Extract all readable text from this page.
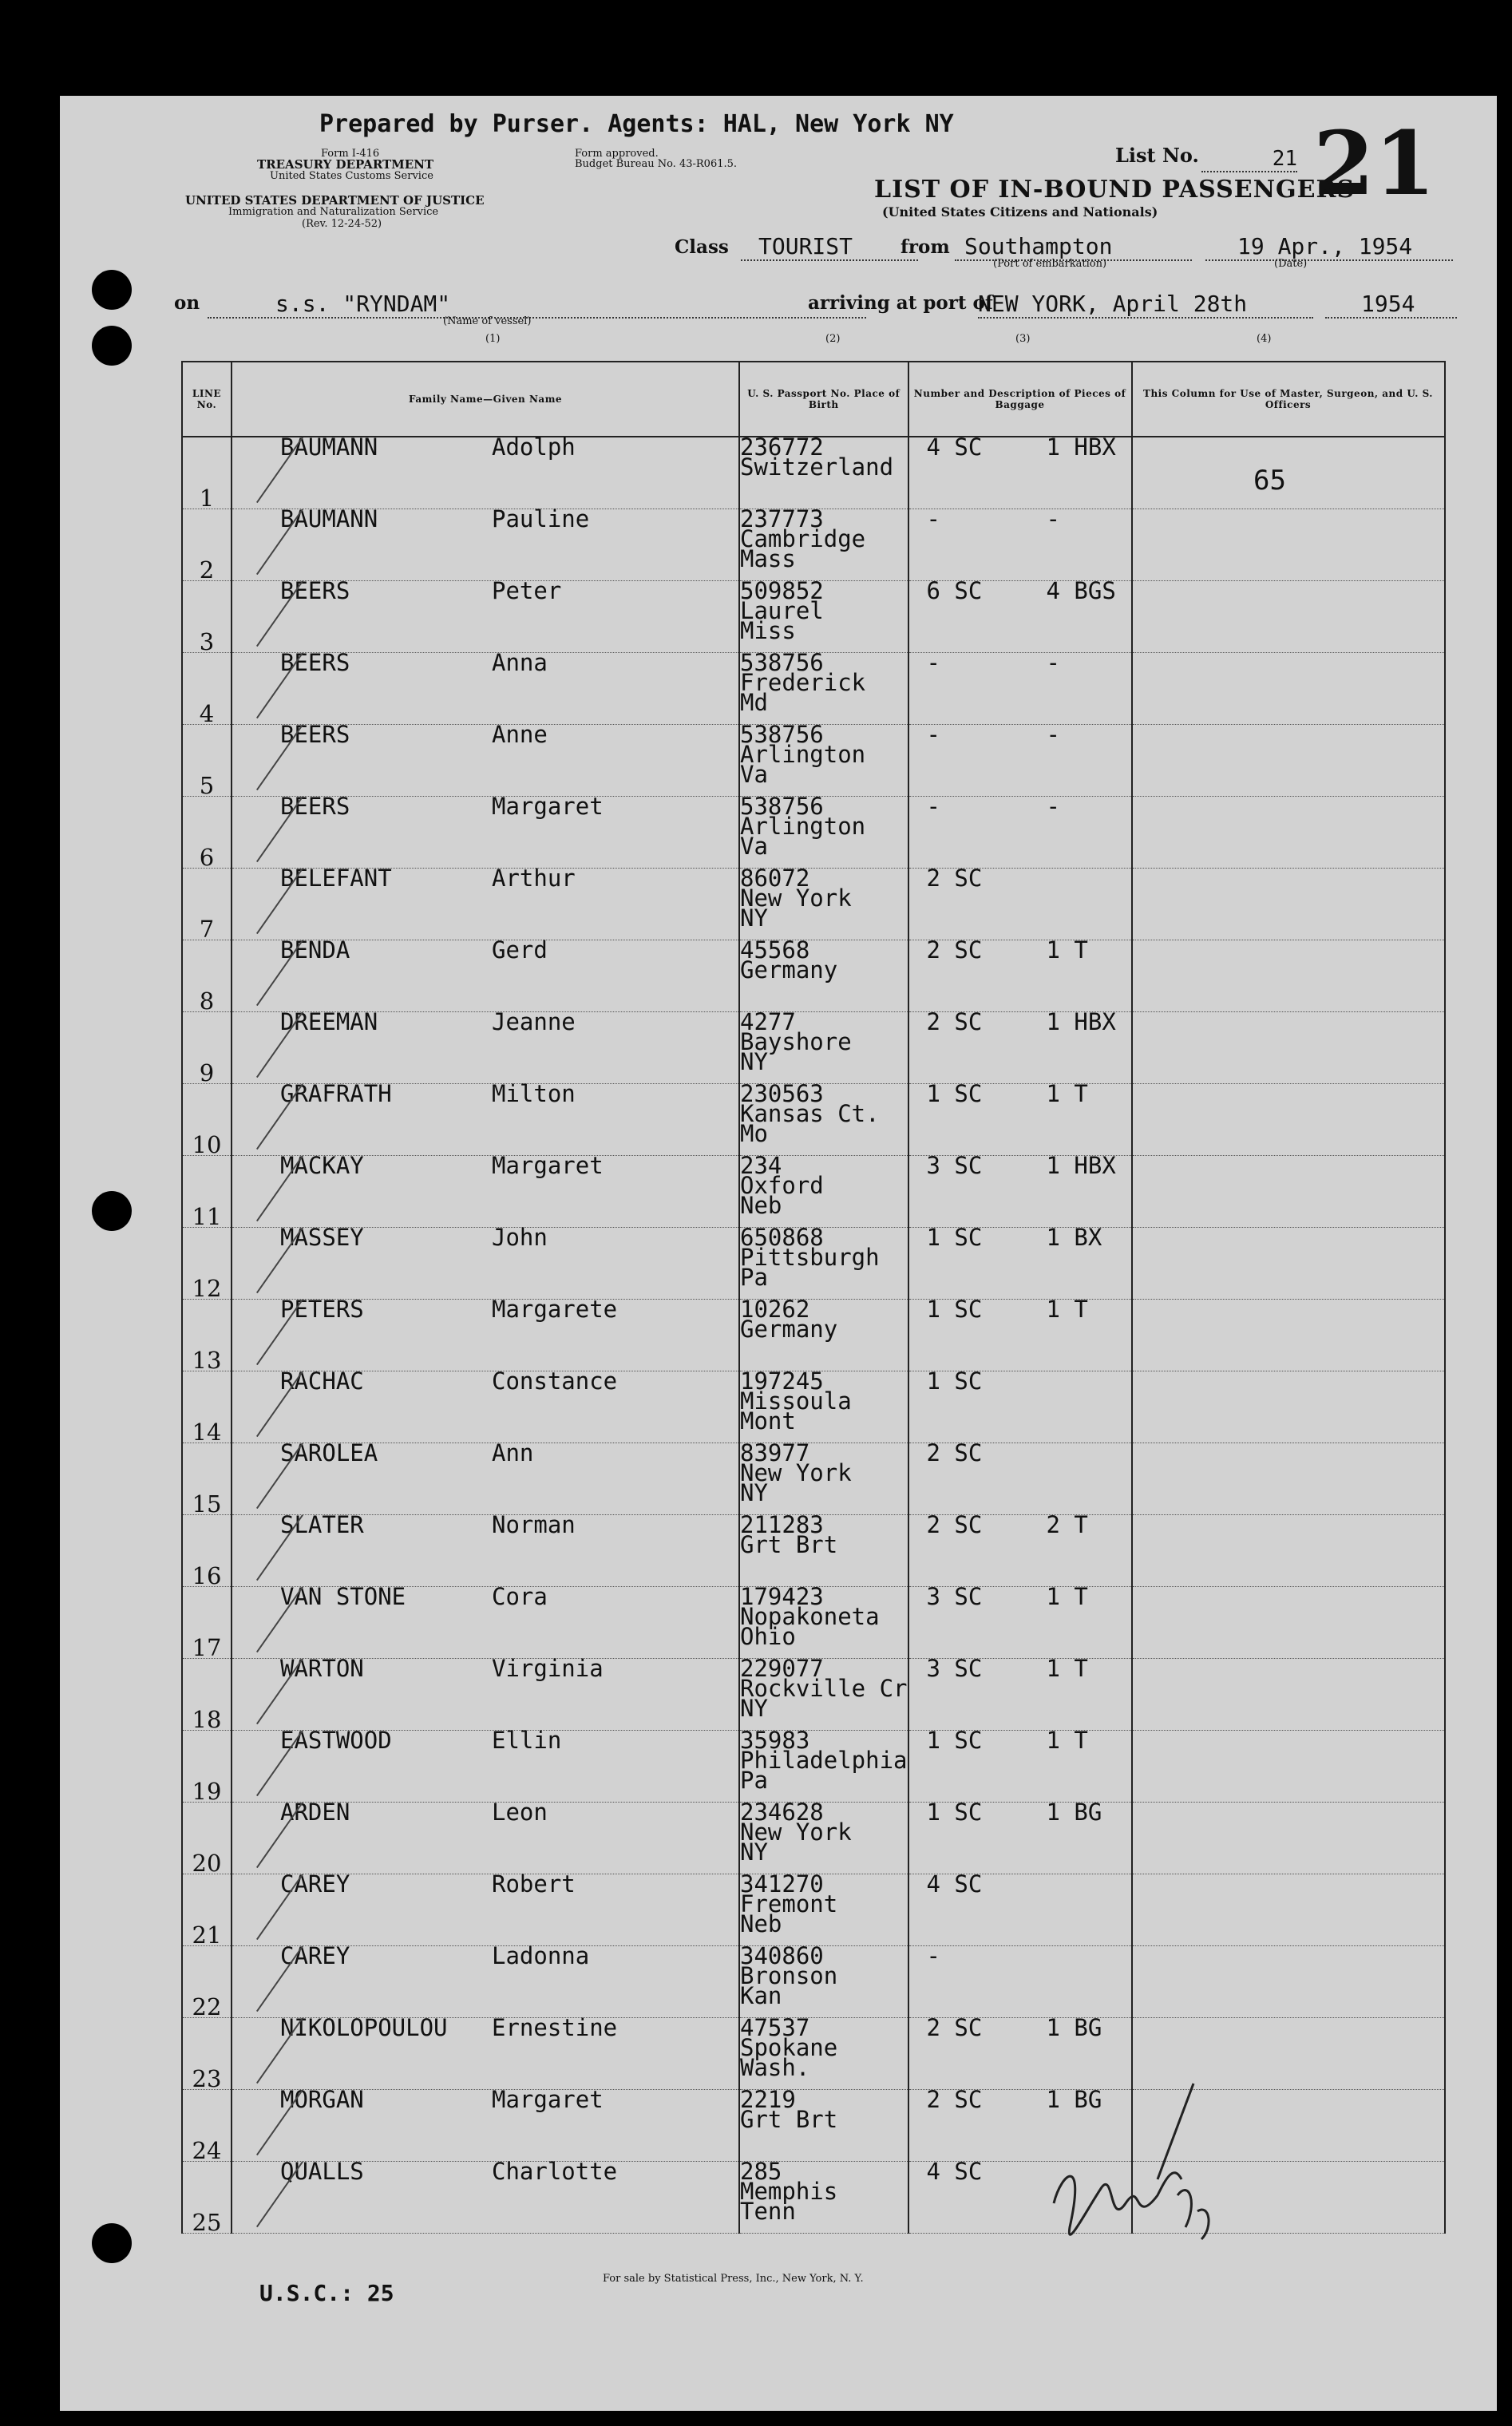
Prepared by Purser. Agents: HAL, New York NY
Form I-416
TREASURY DEPARTMENT
United States Customs Service
UNITED STATES DEPARTMENT OF JUSTICE
Immigration and Naturalization Service
(Rev. 12-24-52)
Form approved.
Budget Bureau No. 43-R061.5.	List No.	21 21
LIST OF IN-BOUND PASSENGERS
(United States Citizens and Nationals)
Class	TOURIST	from Southampton
(Port of embarkation)
19 Apr., 1954
(Date)
on	s.s. "RYNDAM"
(Name of vessel)
arriving at port of
NEW YORK, April 28th	1954
(1)	(2)	(3)	(4)
LINE No.	Family Name—Given Name	U. S. Passport No. Place of Birth	Number and Description of Pieces of Baggage	This Column for Use of Master, Surgeon, and U. S. Officers
1	BAUMANN Adolph	236772
Switzerland	4 SC 1 HBX	
2	BAUMANN Pauline	237773
Cambridge
Mass	- -	
3	BEERS Peter	509852
Laurel
Miss	6 SC 4 BGS	
4	BEERS Anna	538756
Frederick
Md	- -	
5	BEERS Anne	538756
Arlington
Va	- -	
6	BEERS Margaret	538756
Arlington
Va	- -	
7	BELEFANT Arthur	86072
New York
NY	2 SC	
8	BENDA Gerd	45568
Germany	2 SC 1 T	
9	DREEMAN Jeanne	4277
Bayshore
NY	2 SC 1 HBX	
10	GRAFRATH Milton	230563
Kansas Ct.
Mo	1 SC 1 T	
11	MACKAY Margaret	234
Oxford
Neb	3 SC 1 HBX	
12	MASSEY John	650868
Pittsburgh
Pa	1 SC 1 BX	
13	PETERS Margarete	10262
Germany	1 SC 1 T	
14	RACHAC Constance	197245
Missoula
Mont	1 SC	
15	SAROLEA Ann	83977
New York
NY	2 SC	
16	SLATER Norman	211283
Grt Brt	2 SC 2 T	
17	VAN STONE Cora	179423
Nopakoneta
Ohio	3 SC 1 T	
18	WARTON Virginia	229077
Rockville Cr
NY	3 SC 1 T	
19	EASTWOOD Ellin	35983
Philadelphia
Pa	1 SC 1 T	
20	ARDEN Leon	234628
New York
NY	1 SC 1 BG	
21	CAREY Robert	341270
Fremont
Neb	4 SC	
22	CAREY Ladonna	340860
Bronson
Kan	-	
23	NIKOLOPOULOU Ernestine	47537
Spokane
Wash.	2 SC 1 BG	
24	MORGAN Margaret	2219
Grt Brt	2 SC 1 BG	
25	QUALLS Charlotte	285
Memphis
Tenn	4 SC	
65
U.S.C.: 25
For sale by Statistical Press, Inc., New York, N. Y.
